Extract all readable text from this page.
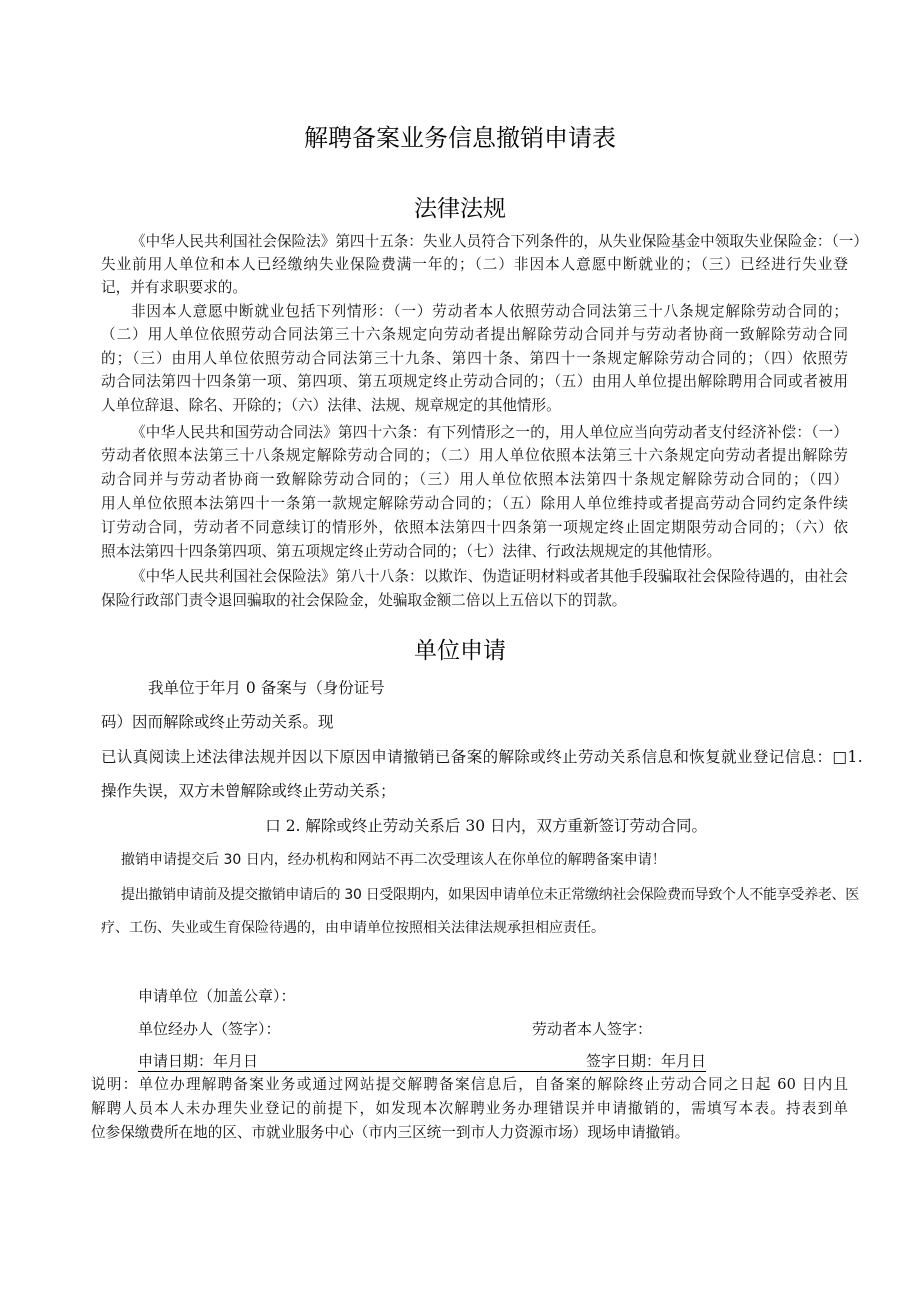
解聘备案业务信息撤销申请表
法律法规
《中华人民共利国社会保险法》第四十五条：失业人员符合下列条件的，从失业保险基金中领取失业保险金：（一）
失业前用人单位和本人已经缴纳失业保险费满一年的；（二）非因本人意愿中断就业的；（三）已经进行失业登
记，并有求职要求的。
非因本人意愿中断就业包括下列情形：（一）劳动者本人依照劳动合同法第三十八条规定解除劳动合同的；
（二）用人单位依照劳动合同法第三十六条规定向劳动者提出解除劳动合同并与劳动者协商一致解除劳动合同
的；（三）由用人单位依照劳动合同法第三十九条、第四十条、第四十一条规定解除劳动合同的；（四）依照劳
动合同法第四十四条第一项、第四项、第五项规定终止劳动合同的；（五）由用人单位提出解除聘用合同或者被用
人单位辞退、除名、开除的；（六）法律、法规、规章规定的其他情形。
《中华人民共和国劳动合同法》第四十六条：有下列情形之一的，用人单位应当向劳动者支付经济补偿：（一）
劳动者依照本法第三十八条规定解除劳动合同的；（二）用人单位依照本法第三十六条规定向劳动者提出解除劳
动合同并与劳动者协商一致解除劳动合同的；（三）用人单位依照本法第四十条规定解除劳动合同的；（四）
用人单位依照本法第四十一条第一款规定解除劳动合同的；（五）除用人单位维持或者提高劳动合同约定条件续
订劳动合同，劳动者不同意续订的情形外，依照本法第四十四条第一项规定终止固定期限劳动合同的；（六）依
照本法第四十四条第四项、第五项规定终止劳动合同的；（七）法律、行政法规规定的其他情形。
《中华人民共利国社会保险法》第八十八条：以欺诈、伪造证明材料或者其他手段骗取社会保险待遇的，由社会
保险行政部门责令退回骗取的社会保险金，处骗取金额二倍以上五倍以下的罚款。
单位申请
我单位于年月 0 备案与（身份证号
码）因而解除或终止劳动关系。现
已认真阅读上述法律法规并因以下原因申请撤销已备案的解除或终止劳动关系信息和恢复就业登记信息：□1.
操作失误，双方未曾解除或终止劳动关系；
口 2. 解除或终止劳动关系后 30 日内，双方重新签订劳动合同。
撤销申请提交后 30 日内，经办机构和网站不再二次受理该人在你单位的解聘备案申请！
提出撤销申请前及提交撤销申请后的 30 日受限期内，如果因申请单位未正常缴纳社会保险费而导致个人不能享受养老、医
疗、工伤、失业或生育保险待遇的，由申请单位按照相关法律法规承担相应责任。
申请单位（加盖公章）：
单位经办人（签字）：	劳动者本人签字：
申请日期：年月日	签字日期：年月日
说明：单位办理解聘备案业务或通过网站提交解聘备案信息后，自备案的解除终止劳动合同之日起 60 日内且
解聘人员本人未办理失业登记的前提下，如发现本次解聘业务办理错误并申请撤销的，需填写本表。持表到单
位参保缴费所在地的区、市就业服务中心（市内三区统一到市人力资源市场）现场申请撤销。
